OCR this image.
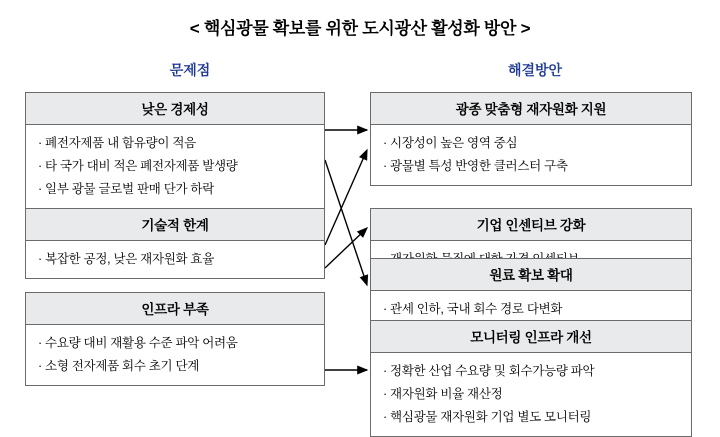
< 핵심광물 확보를 위한 도시광산 활성화 방안 >
문제점	해결방안
낮은 경제성
· 폐전자제품 내 함유량이 적음
· 타 국가 대비 적은 폐전자제품 발생량
· 일부 광물 글로벌 판매 단가 하락
기술적 한계
· 복잡한 공정, 낮은 재자원화 효율
인프라 부족
· 수요량 대비 재활용 수준 파악 어려움
· 소형 전자제품 회수 초기 단계
광종 맞춤형 재자원화 지원
· 시장성이 높은 영역 중심
· 광물별 특성 반영한 클러스터 구축
기업 인센티브 강화
·
원료 확보 확대
· 관세 인하, 국내 회수 경로 다변화
모니터링 인프라 개선
· 정확한 산업 수요량 및 회수가능량 파악
· 재자원화 비율 재산정
· 핵심광물 재자원화 기업 별도 모니터링
